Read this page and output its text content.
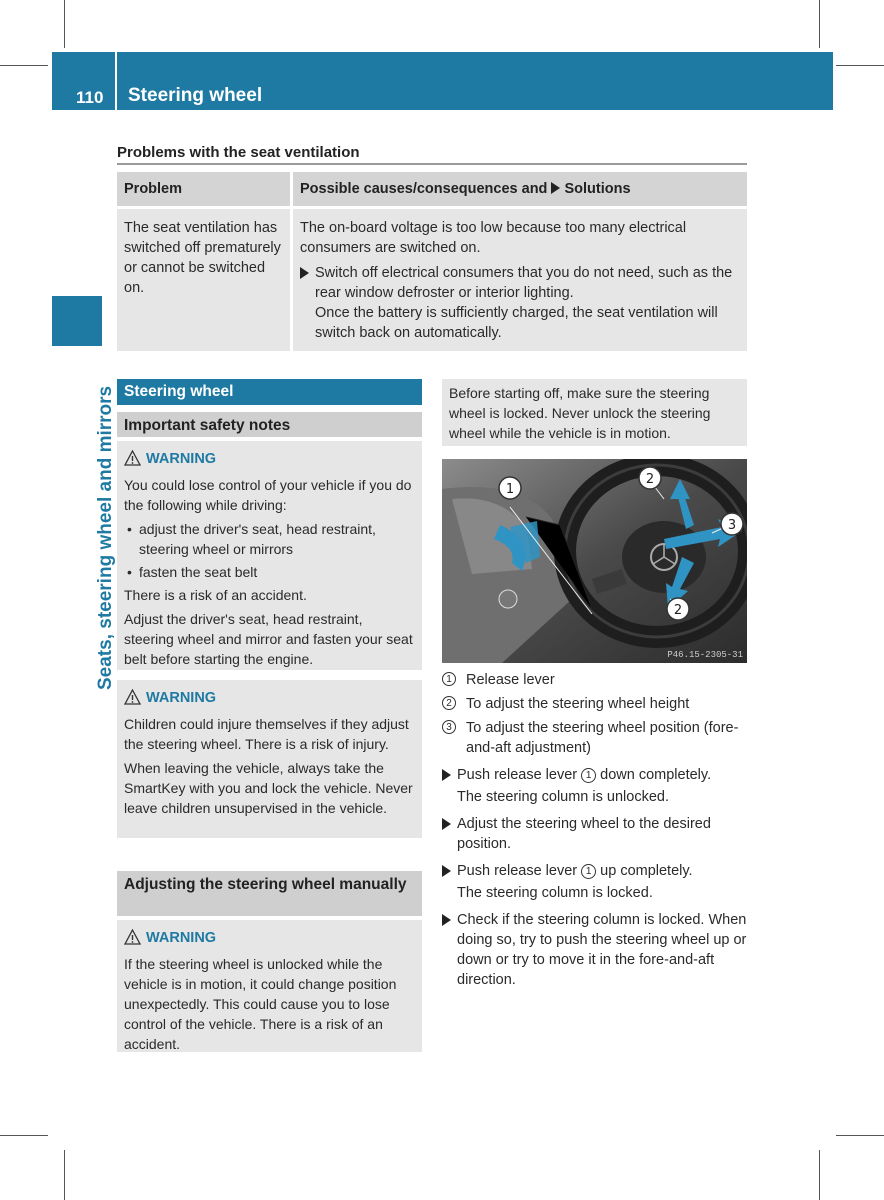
110 Steering wheel
Seats, steering wheel and mirrors
Problems with the seat ventilation
Problem	Possible causes/consequences and Solutions
The seat ventilation has switched off prematurely or cannot be switched on.	The on-board voltage is too low because too many electrical consumers are switched on.
Switch off electrical consumers that you do not need, such as the rear window defroster or interior lighting.
Once the battery is sufficiently charged, the seat ventilation will switch back on automatically.
Steering wheel
Important safety notes
WARNING

You could lose control of your vehicle if you do the following while driving:

• adjust the driver's seat, head restraint, steering wheel or mirrors
• fasten the seat belt

There is a risk of an accident.

Adjust the driver's seat, head restraint, steering wheel and mirror and fasten your seat belt before starting the engine.

WARNING

Children could injure themselves if they adjust the steering wheel. There is a risk of injury.

When leaving the vehicle, always take the SmartKey with you and lock the vehicle. Never leave children unsupervised in the vehicle.

Adjusting the steering wheel manually
WARNING

If the steering wheel is unlocked while the vehicle is in motion, it could change position unexpectedly. This could cause you to lose control of the vehicle. There is a risk of an accident.

Before starting off, make sure the steering wheel is locked. Never unlock the steering wheel while the vehicle is in motion.
1
2
3
2
P46.15-2305-31
1 Release lever
2 To adjust the steering wheel height
3 To adjust the steering wheel position (fore-and-aft adjustment)
Push release lever 1 down completely.
The steering column is unlocked.
Adjust the steering wheel to the desired position.
Push release lever 1 up completely.
The steering column is locked.
Check if the steering column is locked. When doing so, try to push the steering wheel up or down or try to move it in the fore-and-aft direction.
